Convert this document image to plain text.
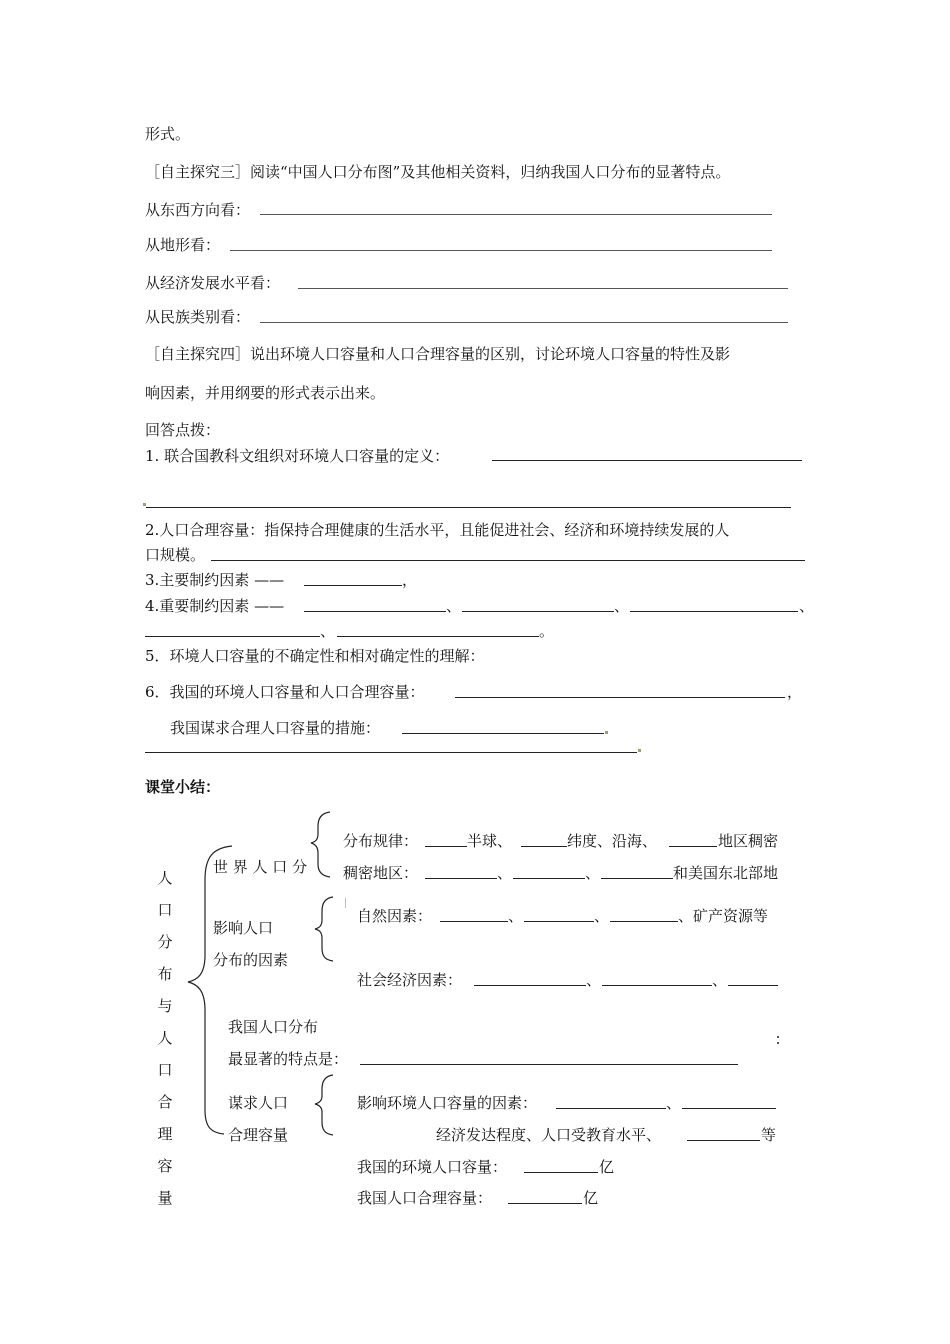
形式。
［自主探究三］阅读“中国人口分布图”及其他相关资料，归纳我国人口分布的显著特点。
从东西方向看：
从地形看：
从经济发展水平看：
从民族类别看：
［自主探究四］说出环境人口容量和人口合理容量的区别，讨论环境人口容量的特性及影
响因素，并用纲要的形式表示出来。
回答点拨：
1. 联合国教科文组织对环境人口容量的定义：
2.人口合理容量：指保持合理健康的生活水平，且能促进社会、经济和环境持续发展的人
口规模。
3.主要制约因素 ——	，
4.重要制约因素 ——	、	、	、
、	。
5．环境人口容量的不确定性和相对确定性的理解：
6．我国的环境人口容量和人口合理容量：	，
我国谋求合理人口容量的措施：
课堂小结：
人
口
分
布
与
人
口
合
理
容
量
世 界 人 口 分
分布规律：	半球、	纬度、沿海、	地区稠密
稠密地区：	、	、	和美国东北部地
影响人口
分布的因素
自然因素：	、	、	、矿产资源等
社会经济因素：	、	、
我国人口分布
最显著的特点是：
谋求人口
合理容量
影响环境人口容量的因素：	、
经济发达程度、人口受教育水平、	等
我国的环境人口容量：	亿
我国人口合理容量：	亿
